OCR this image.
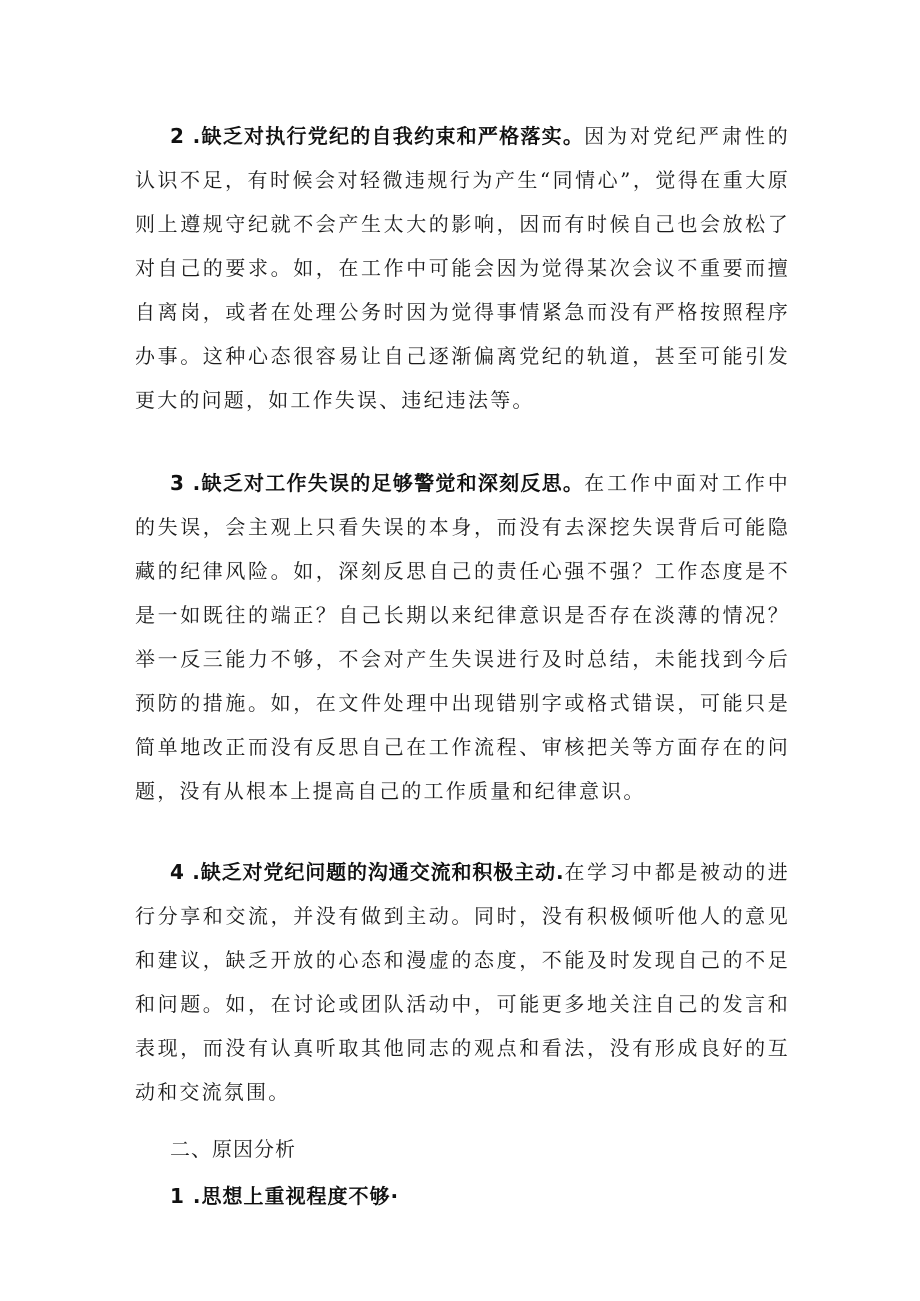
2 .缺乏对执行党纪的自我约束和严格落实。因为对党纪严肃性的认识不足，有时候会对轻微违规行为产生“同情心”，觉得在重大原则上遵规守纪就不会产生太大的影响，因而有时候自己也会放松了对自己的要求。如，在工作中可能会因为觉得某次会议不重要而擅自离岗，或者在处理公务时因为觉得事情紧急而没有严格按照程序办事。这种心态很容易让自己逐渐偏离党纪的轨道，甚至可能引发更大的问题，如工作失误、违纪违法等。

3 .缺乏对工作失误的足够警觉和深刻反思。在工作中面对工作中的失误，会主观上只看失误的本身，而没有去深挖失误背后可能隐藏的纪律风险。如，深刻反思自己的责任心强不强？工作态度是不是一如既往的端正？自己长期以来纪律意识是否存在淡薄的情况？举一反三能力不够，不会对产生失误进行及时总结，未能找到今后预防的措施。如，在文件处理中出现错别字或格式错误，可能只是简单地改正而没有反思自己在工作流程、审核把关等方面存在的问题，没有从根本上提高自己的工作质量和纪律意识。

4 .缺乏对党纪问题的沟通交流和积极主动.在学习中都是被动的进行分享和交流，并没有做到主动。同时，没有积极倾听他人的意见和建议，缺乏开放的心态和漫虚的态度，不能及时发现自己的不足和问题。如，在讨论或团队活动中，可能更多地关注自己的发言和表现，而没有认真听取其他同志的观点和看法，没有形成良好的互动和交流氛围。

二、原因分析
1 .思想上重视程度不够·
